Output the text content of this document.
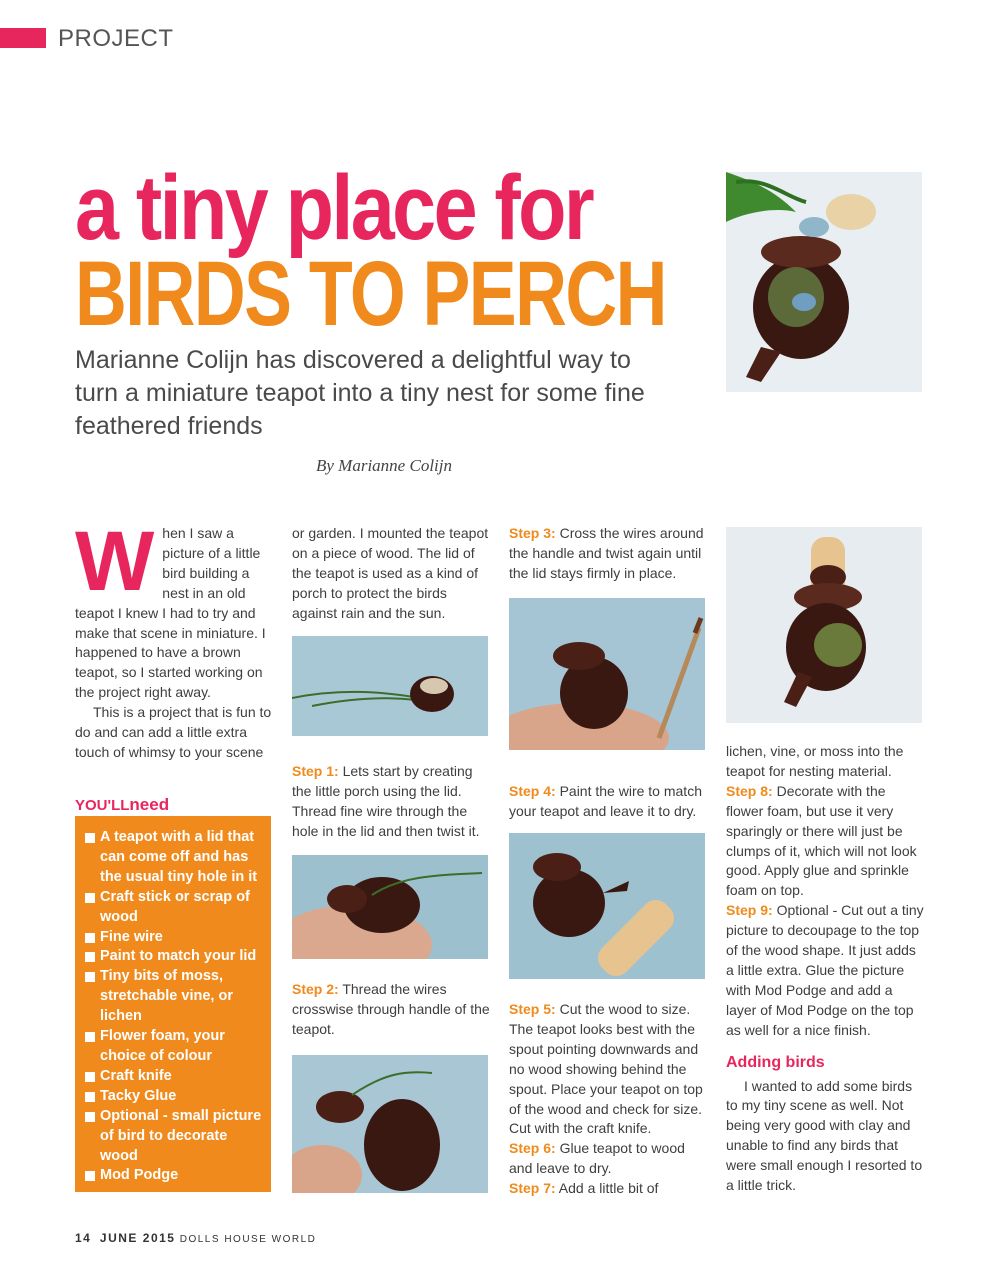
PROJECT
a tiny place for
BIRDS TO PERCH
Marianne Colijn has discovered a delightful way to turn a miniature teapot into a tiny nest for some fine feathered friends
By Marianne Colijn

When I saw a picture of a little bird building a nest in an old teapot I knew I had to try and make that scene in miniature. I happened to have a brown teapot, so I started working on the project right away.

This is a project that is fun to do and can add a little extra touch of whimsy to your scene

YOU'LLneed
A teapot with a lid that can come off and has the usual tiny hole in it
Craft stick or scrap of wood
Fine wire
Paint to match your lid
Tiny bits of moss, stretchable vine, or lichen
Flower foam, your choice of colour
Craft knife
Tacky Glue
Optional - small picture of bird to decorate wood
Mod Podge

or garden. I mounted the teapot on a piece of wood. The lid of the teapot is used as a kind of porch to protect the birds against rain and the sun.

Step 1: Lets start by creating the little porch using the lid. Thread fine wire through the hole in the lid and then twist it.

Step 2: Thread the wires crosswise through handle of the teapot.

Step 3: Cross the wires around the handle and twist again until the lid stays firmly in place.

Step 4: Paint the wire to match your teapot and leave it to dry.

Step 5: Cut the wood to size. The teapot looks best with the spout pointing downwards and no wood showing behind the spout. Place your teapot on top of the wood and check for size. Cut with the craft knife.

Step 6: Glue teapot to wood and leave to dry.

Step 7: Add a little bit of

lichen, vine, or moss into the teapot for nesting material.

Step 8: Decorate with the flower foam, but use it very sparingly or there will just be clumps of it, which will not look good. Apply glue and sprinkle foam on top.

Step 9: Optional - Cut out a tiny picture to decoupage to the top of the wood shape. It just adds a little extra. Glue the picture with Mod Podge and add a layer of Mod Podge on the top as well for a nice finish.

Adding birds

I wanted to add some birds to my tiny scene as well. Not being very good with clay and unable to find any birds that were small enough I resorted to a little trick.

14 JUNE 2015 DOLLS HOUSE WORLD
